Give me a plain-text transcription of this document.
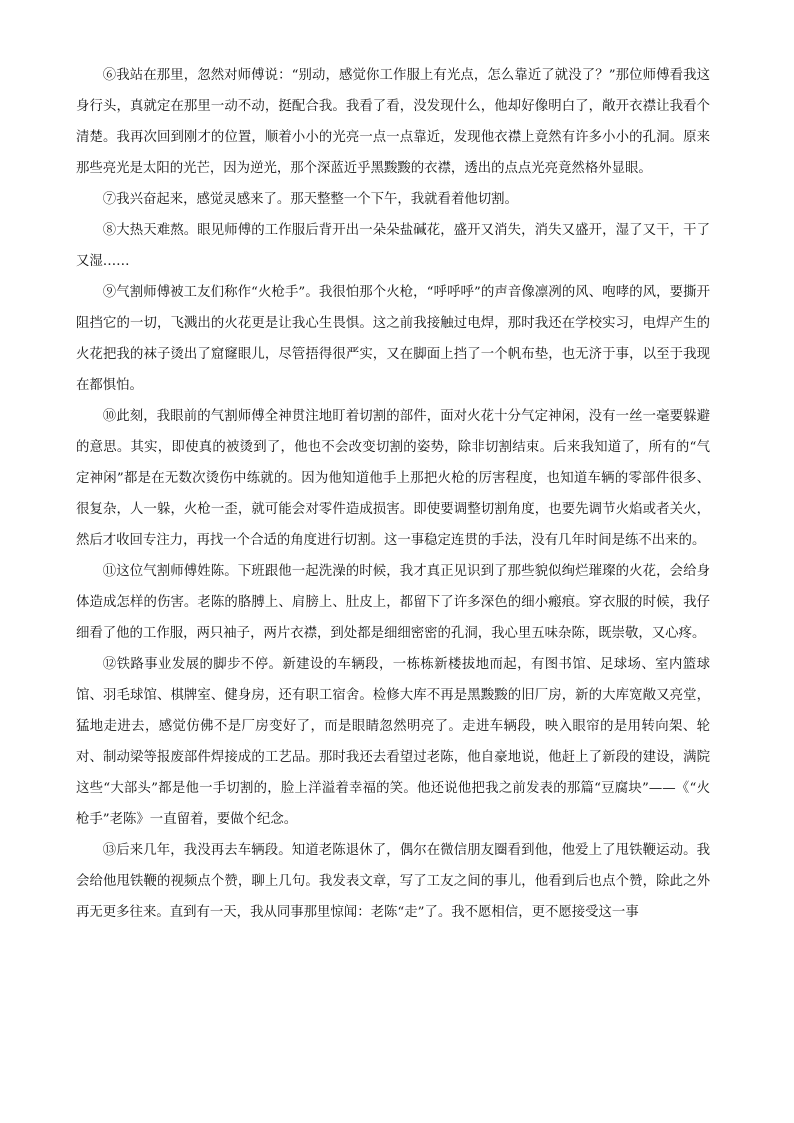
⑥我站在那里，忽然对师傅说：“别动，感觉你工作服上有光点，怎么靠近了就没了？”那位师傅看我这身行头，真就定在那里一动不动，挺配合我。我看了看，没发现什么，他却好像明白了，敞开衣襟让我看个清楚。我再次回到刚才的位置，顺着小小的光亮一点一点靠近，发现他衣襟上竟然有许多小小的孔洞。原来那些亮光是太阳的光芒，因为逆光，那个深蓝近乎黑黢黢的衣襟，透出的点点光亮竟然格外显眼。

⑦我兴奋起来，感觉灵感来了。那天整整一个下午，我就看着他切割。

⑧大热天难熬。眼见师傅的工作服后背开出一朵朵盐碱花，盛开又消失，消失又盛开，湿了又干，干了又湿……

⑨气割师傅被工友们称作“火枪手”。我很怕那个火枪，“呼呼呼”的声音像凛冽的风、咆哮的风，要撕开阻挡它的一切，飞溅出的火花更是让我心生畏惧。这之前我接触过电焊，那时我还在学校实习，电焊产生的火花把我的袜子烫出了窟窿眼儿，尽管捂得很严实，又在脚面上挡了一个帆布垫，也无济于事，以至于我现在都惧怕。

⑩此刻，我眼前的气割师傅全神贯注地盯着切割的部件，面对火花十分气定神闲，没有一丝一毫要躲避的意思。其实，即使真的被烫到了，他也不会改变切割的姿势，除非切割结束。后来我知道了，所有的“气定神闲”都是在无数次烫伤中练就的。因为他知道他手上那把火枪的厉害程度，也知道车辆的零部件很多、很复杂，人一躲，火枪一歪，就可能会对零件造成损害。即使要调整切割角度，也要先调节火焰或者关火，然后才收回专注力，再找一个合适的角度进行切割。这一事稳定连贯的手法，没有几年时间是练不出来的。

⑪这位气割师傅姓陈。下班跟他一起洗澡的时候，我才真正见识到了那些貌似绚烂璀璨的火花，会给身体造成怎样的伤害。老陈的胳膊上、肩膀上、肚皮上，都留下了许多深色的细小瘢痕。穿衣服的时候，我仔细看了他的工作服，两只袖子，两片衣襟，到处都是细细密密的孔洞，我心里五味杂陈，既崇敬，又心疼。

⑫铁路事业发展的脚步不停。新建设的车辆段，一栋栋新楼拔地而起，有图书馆、足球场、室内篮球馆、羽毛球馆、棋牌室、健身房，还有职工宿舍。检修大库不再是黑黢黢的旧厂房，新的大库宽敞又亮堂，猛地走进去，感觉仿佛不是厂房变好了，而是眼睛忽然明亮了。走进车辆段，映入眼帘的是用转向架、轮对、制动梁等报废部件焊接成的工艺品。那时我还去看望过老陈，他自豪地说，他赶上了新段的建设，满院这些“大部头”都是他一手切割的，脸上洋溢着幸福的笑。他还说他把我之前发表的那篇“豆腐块”——《“火枪手”老陈》一直留着，要做个纪念。

⑬后来几年，我没再去车辆段。知道老陈退休了，偶尔在微信朋友圈看到他，他爱上了甩铁鞭运动。我会给他甩铁鞭的视频点个赞，聊上几句。我发表文章，写了工友之间的事儿，他看到后也点个赞，除此之外再无更多往来。直到有一天，我从同事那里惊闻：老陈“走”了。我不愿相信，更不愿接受这一事
